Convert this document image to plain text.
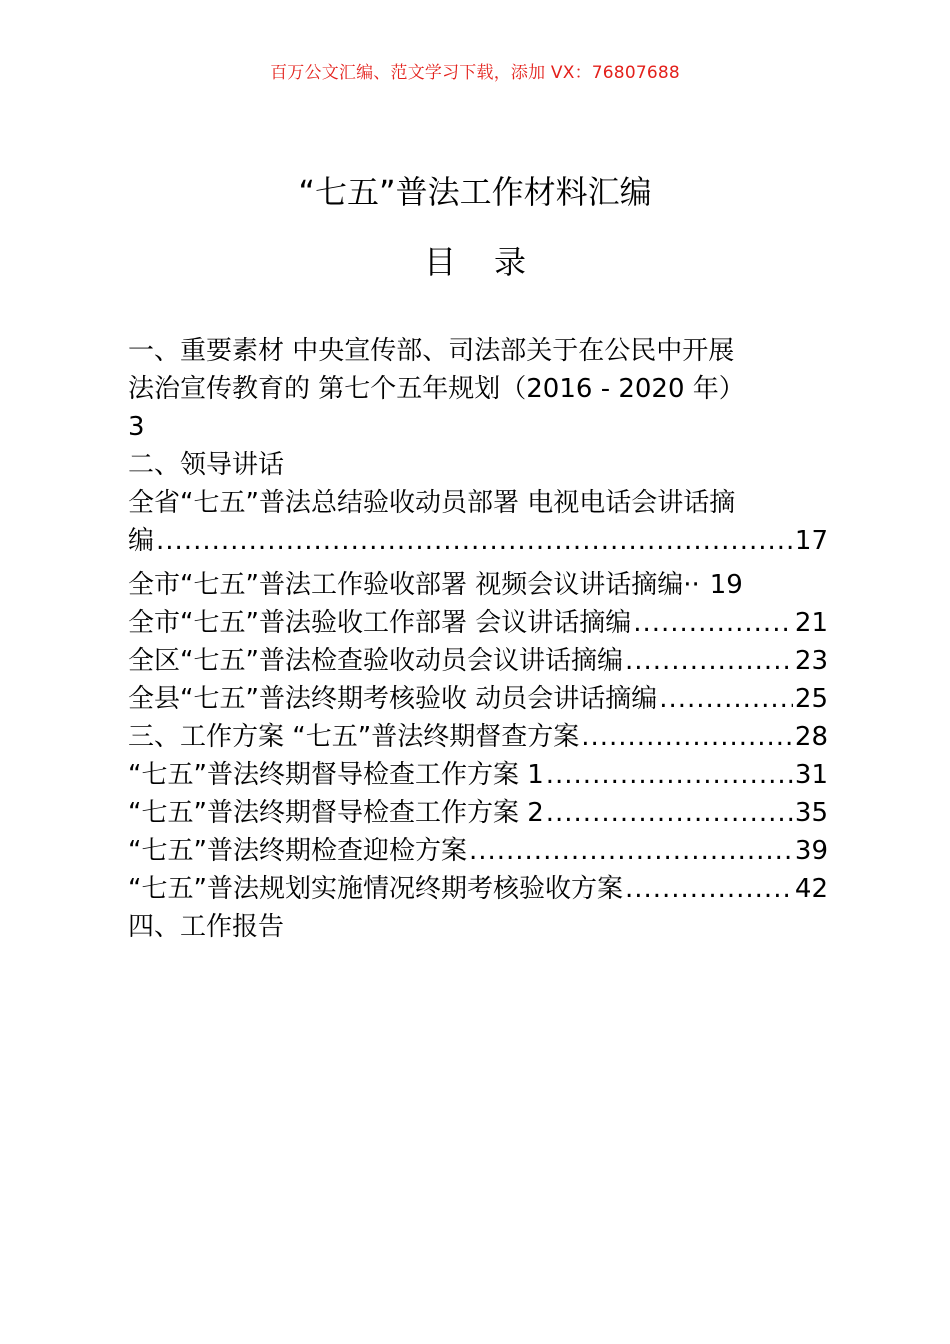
百万公文汇编、范文学习下载，添加 VX：76807688
“七五”普法工作材料汇编
目 录
一、重要素材 中央宣传部、司法部关于在公民中开展
法治宣传教育的 第七个五年规划（2016 - 2020 年）
3
二、领导讲话
全省“七五”普法总结验收动员部署 电视电话会讲话摘
编 .....	17
全市“七五”普法工作验收部署 视频会议讲话摘编·· 19
全市“七五”普法验收工作部署 会议讲话摘编 .....	21
全区“七五”普法检查验收动员会议讲话摘编 .....	23
全县“七五”普法终期考核验收 动员会讲话摘编 .....	25
三、工作方案 “七五”普法终期督查方案 .....	28
“七五”普法终期督导检查工作方案 1 .....	31
“七五”普法终期督导检查工作方案 2 .....	35
“七五”普法终期检查迎检方案 .....	39
“七五”普法规划实施情况终期考核验收方案 .....	42
四、工作报告
